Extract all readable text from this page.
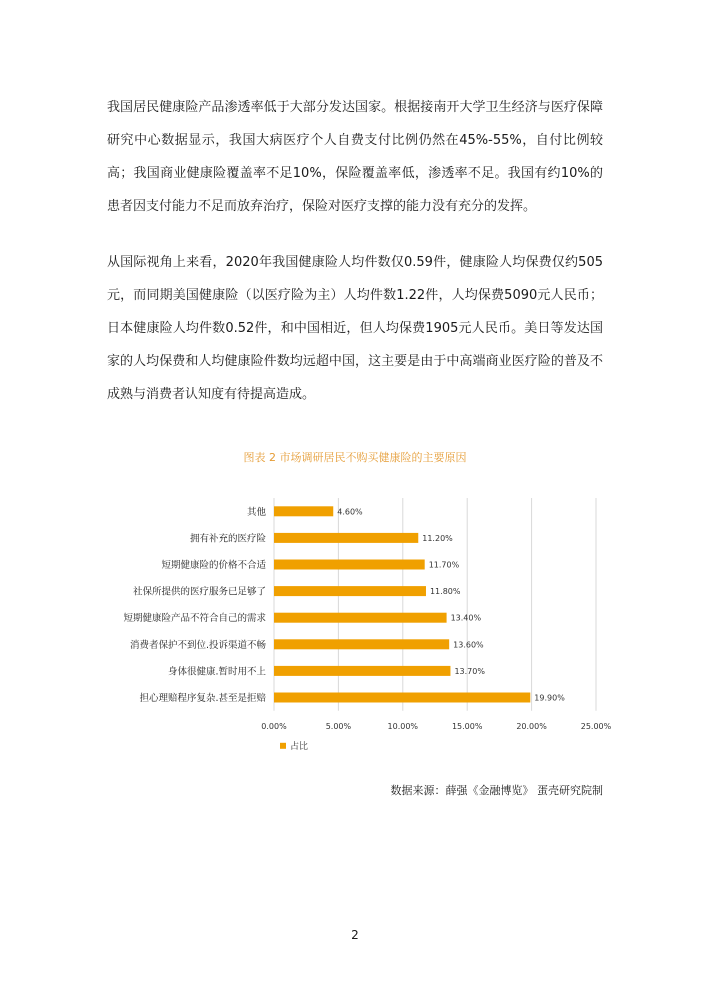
我国居民健康险产品渗透率低于大部分发达国家。根据接南开大学卫生经济与医疗保障研究中心数据显示，我国大病医疗个人自费支付比例仍然在45%-55%，自付比例较高；我国商业健康险覆盖率不足10%，保险覆盖率低，渗透率不足。我国有约10%的患者因支付能力不足而放弃治疗，保险对医疗支撑的能力没有充分的发挥。

从国际视角上来看，2020年我国健康险人均件数仅0.59件，健康险人均保费仅约505元，而同期美国健康险（以医疗险为主）人均件数1.22件，人均保费5090元人民币；日本健康险人均件数0.52件，和中国相近，但人均保费1905元人民币。美日等发达国家的人均保费和人均健康险件数均远超中国，这主要是由于中高端商业医疗险的普及不成熟与消费者认知度有待提高造成。

图表 2 市场调研居民不购买健康险的主要原因
0.00%	5.00%	10.00%	15.00%	20.00%	25.00%
其他	4.60%
拥有补充的医疗险	11.20%
短期健康险的价格不合适	11.70%
社保所提供的医疗服务已足够了	11.80%
短期健康险产品不符合自己的需求	13.40%
消费者保护不到位.投诉渠道不畅	13.60%
身体很健康.暂时用不上	13.70%
担心理赔程序复杂.甚至是拒赔	19.90%
占比
数据来源：薛强《金融博览》 蛋壳研究院制
2
